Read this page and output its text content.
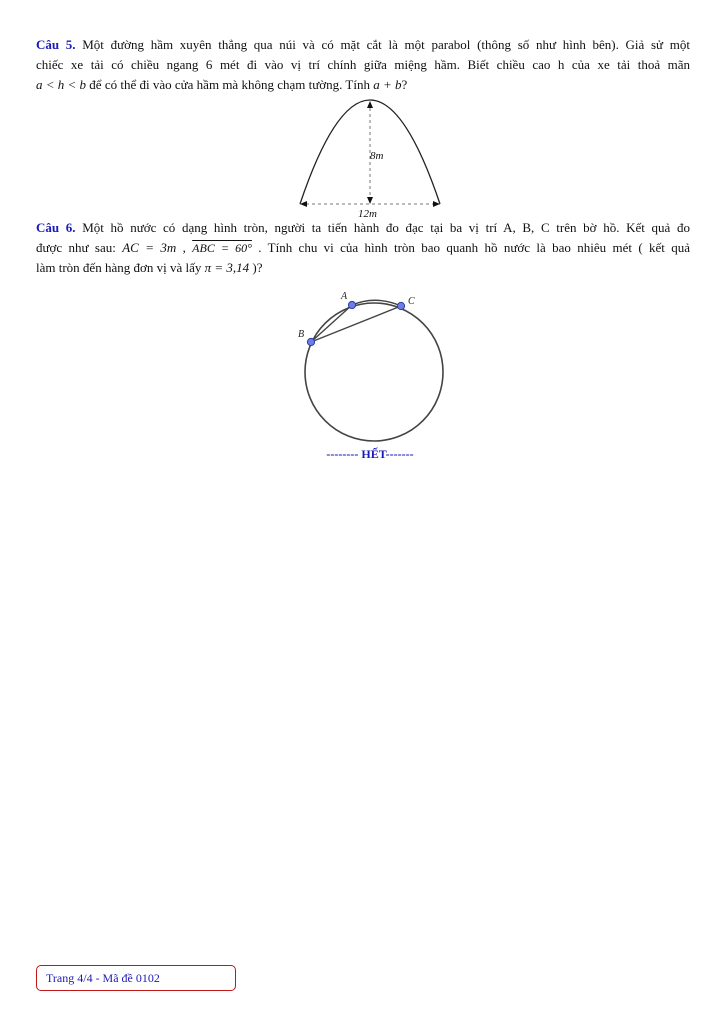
Câu 5. Một đường hầm xuyên thẳng qua núi và có mặt cắt là một parabol (thông số như hình bên). Giả sử một
chiếc xe tải có chiều ngang 6 mét đi vào vị trí chính giữa miệng hầm. Biết chiều cao h của xe tải thoả mãn
a < h < b để có thể đi vào cửa hầm mà không chạm tường. Tính a + b?
8m
12m
Câu 6. Một hồ nước có dạng hình tròn, người ta tiến hành đo đạc tại ba vị trí A, B, C trên bờ hồ. Kết quả đo
được như sau: AC = 3m , ABC = 60° . Tính chu vi của hình tròn bao quanh hồ nước là bao nhiêu mét ( kết quả
làm tròn đến hàng đơn vị và lấy π = 3,14 )?
A
B
C
-------- HẾT-------
Trang 4/4 - Mã đề 0102
